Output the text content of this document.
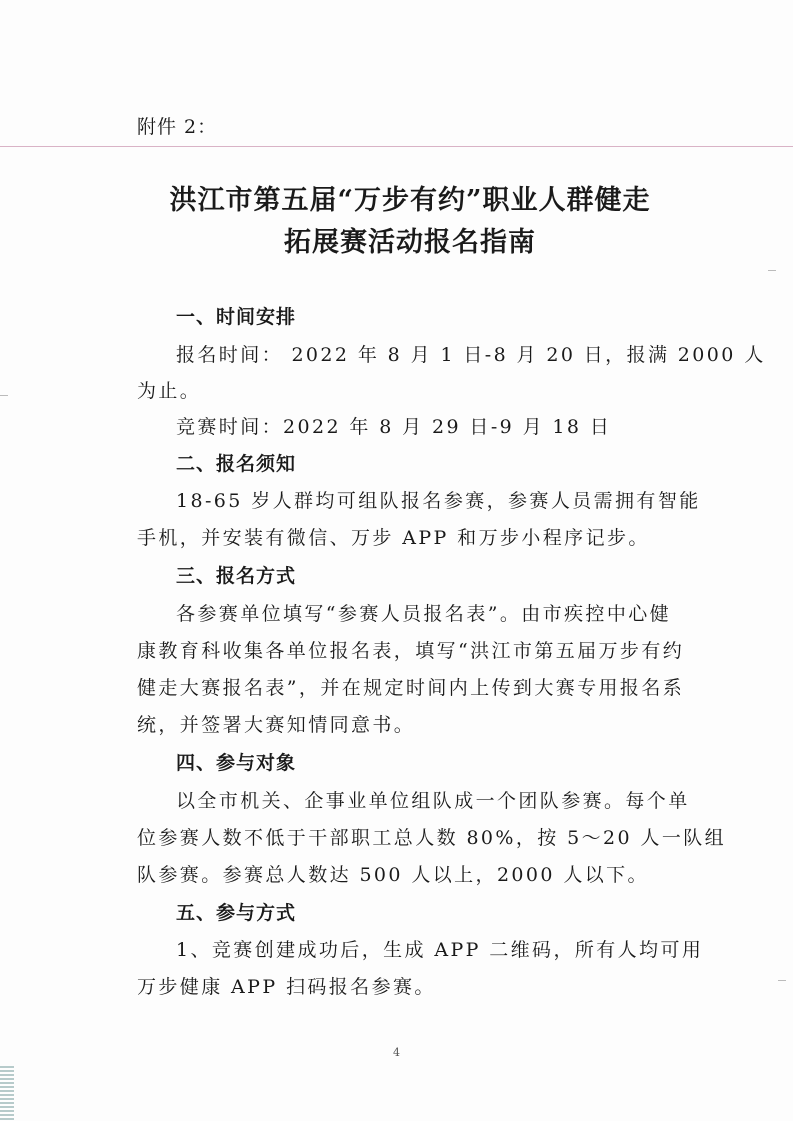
附件 2：
洪江市第五届“万步有约”职业人群健走
拓展赛活动报名指南
一、时间安排
报名时间： 2022 年 8 月 1 日-8 月 20 日，报满 2000 人
为止。
竞赛时间：2022 年 8 月 29 日-9 月 18 日
二、报名须知
18-65 岁人群均可组队报名参赛，参赛人员需拥有智能
手机，并安装有微信、万步 APP 和万步小程序记步。
三、报名方式
各参赛单位填写“参赛人员报名表”。由市疾控中心健
康教育科收集各单位报名表，填写“洪江市第五届万步有约
健走大赛报名表”，并在规定时间内上传到大赛专用报名系
统，并签署大赛知情同意书。
四、参与对象
以全市机关、企事业单位组队成一个团队参赛。每个单
位参赛人数不低于干部职工总人数 80%，按 5～20 人一队组
队参赛。参赛总人数达 500 人以上，2000 人以下。
五、参与方式
1、竞赛创建成功后，生成 APP 二维码，所有人均可用
万步健康 APP 扫码报名参赛。
4
